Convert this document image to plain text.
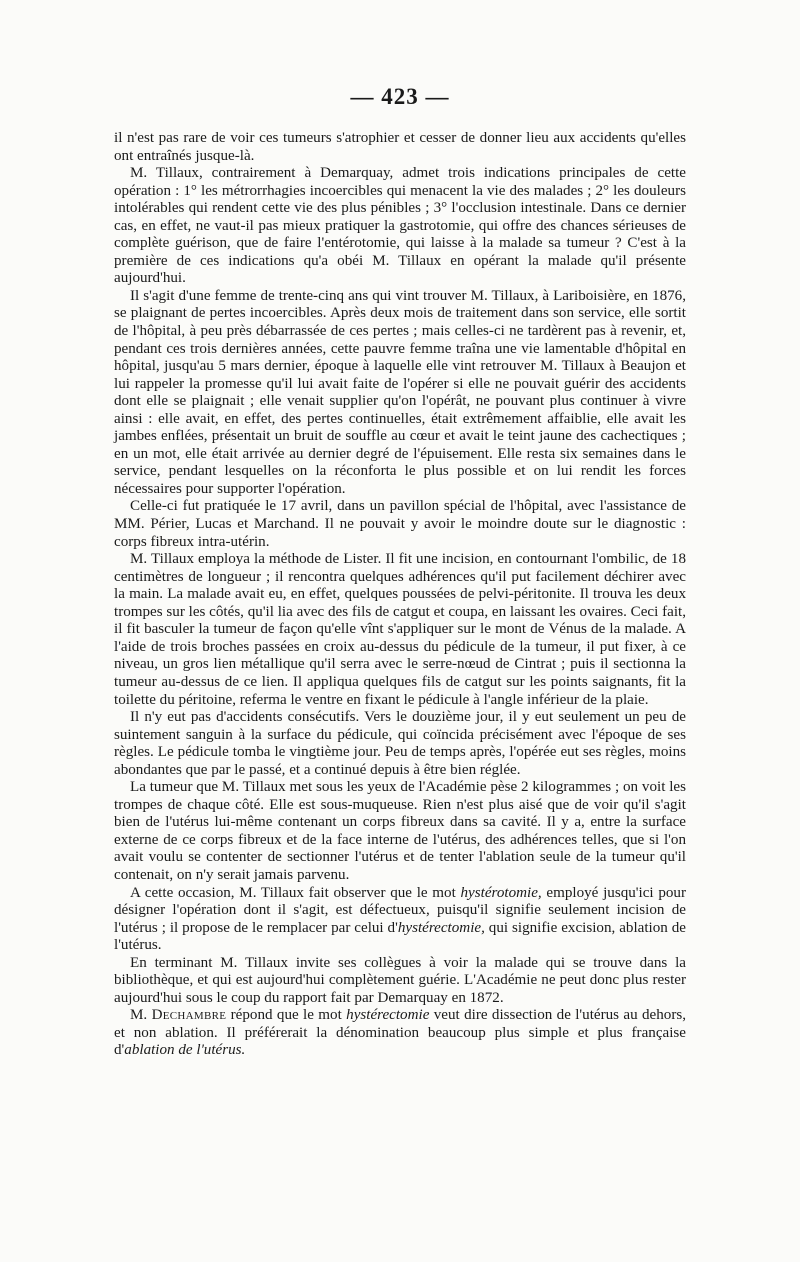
— 423 —

il n'est pas rare de voir ces tumeurs s'atrophier et cesser de donner lieu aux accidents qu'elles ont entraînés jusque-là.

M. Tillaux, contrairement à Demarquay, admet trois indications principales de cette opération : 1° les métrorrhagies incoercibles qui menacent la vie des malades ; 2° les douleurs intolérables qui rendent cette vie des plus pénibles ; 3° l'occlusion intestinale. Dans ce dernier cas, en effet, ne vaut-il pas mieux pratiquer la gastrotomie, qui offre des chances sérieuses de complète guérison, que de faire l'entérotomie, qui laisse à la malade sa tumeur ? C'est à la première de ces indications qu'a obéi M. Tillaux en opérant la malade qu'il présente aujourd'hui.

Il s'agit d'une femme de trente-cinq ans qui vint trouver M. Tillaux, à Lariboisière, en 1876, se plaignant de pertes incoercibles. Après deux mois de traitement dans son service, elle sortit de l'hôpital, à peu près débarrassée de ces pertes ; mais celles-ci ne tardèrent pas à revenir, et, pendant ces trois dernières années, cette pauvre femme traîna une vie lamentable d'hôpital en hôpital, jusqu'au 5 mars dernier, époque à laquelle elle vint retrouver M. Tillaux à Beaujon et lui rappeler la promesse qu'il lui avait faite de l'opérer si elle ne pouvait guérir des accidents dont elle se plaignait ; elle venait supplier qu'on l'opérât, ne pouvant plus continuer à vivre ainsi : elle avait, en effet, des pertes continuelles, était extrêmement affaiblie, elle avait les jambes enflées, présentait un bruit de souffle au cœur et avait le teint jaune des cachectiques ; en un mot, elle était arrivée au dernier degré de l'épuisement. Elle resta six semaines dans le service, pendant lesquelles on la réconforta le plus possible et on lui rendit les forces nécessaires pour supporter l'opération.

Celle-ci fut pratiquée le 17 avril, dans un pavillon spécial de l'hôpital, avec l'assistance de MM. Périer, Lucas et Marchand. Il ne pouvait y avoir le moindre doute sur le diagnostic : corps fibreux intra-utérin.

M. Tillaux employa la méthode de Lister. Il fit une incision, en contournant l'ombilic, de 18 centimètres de longueur ; il rencontra quelques adhérences qu'il put facilement déchirer avec la main. La malade avait eu, en effet, quelques poussées de pelvi-péritonite. Il trouva les deux trompes sur les côtés, qu'il lia avec des fils de catgut et coupa, en laissant les ovaires. Ceci fait, il fit basculer la tumeur de façon qu'elle vînt s'appliquer sur le mont de Vénus de la malade. A l'aide de trois broches passées en croix au-dessus du pédicule de la tumeur, il put fixer, à ce niveau, un gros lien métallique qu'il serra avec le serre-nœud de Cintrat ; puis il sectionna la tumeur au-dessus de ce lien. Il appliqua quelques fils de catgut sur les points saignants, fit la toilette du péritoine, referma le ventre en fixant le pédicule à l'angle inférieur de la plaie.

Il n'y eut pas d'accidents consécutifs. Vers le douzième jour, il y eut seulement un peu de suintement sanguin à la surface du pédicule, qui coïncida précisément avec l'époque de ses règles. Le pédicule tomba le vingtième jour. Peu de temps après, l'opérée eut ses règles, moins abondantes que par le passé, et a continué depuis à être bien réglée.

La tumeur que M. Tillaux met sous les yeux de l'Académie pèse 2 kilogrammes ; on voit les trompes de chaque côté. Elle est sous-muqueuse. Rien n'est plus aisé que de voir qu'il s'agit bien de l'utérus lui-même contenant un corps fibreux dans sa cavité. Il y a, entre la surface externe de ce corps fibreux et de la face interne de l'utérus, des adhérences telles, que si l'on avait voulu se contenter de sectionner l'utérus et de tenter l'ablation seule de la tumeur qu'il contenait, on n'y serait jamais parvenu.

A cette occasion, M. Tillaux fait observer que le mot hystérotomie, employé jusqu'ici pour désigner l'opération dont il s'agit, est défectueux, puisqu'il signifie seulement incision de l'utérus ; il propose de le remplacer par celui d'hystérectomie, qui signifie excision, ablation de l'utérus.

En terminant M. Tillaux invite ses collègues à voir la malade qui se trouve dans la bibliothèque, et qui est aujourd'hui complètement guérie. L'Académie ne peut donc plus rester aujourd'hui sous le coup du rapport fait par Demarquay en 1872.

M. Dechambre répond que le mot hystérectomie veut dire dissection de l'utérus au dehors, et non ablation. Il préférerait la dénomination beaucoup plus simple et plus française d'ablation de l'utérus.
